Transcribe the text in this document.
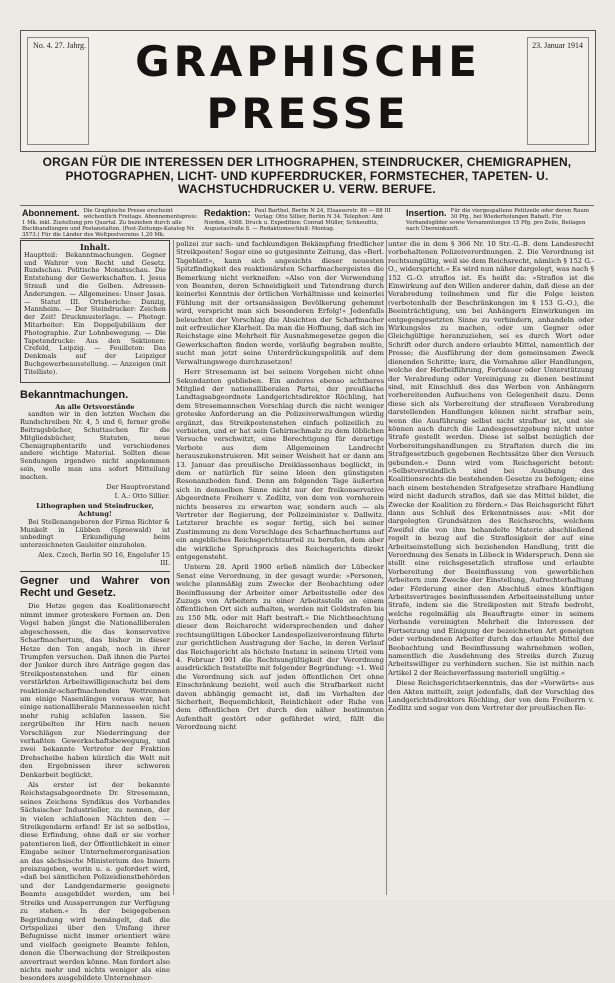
No. 4. 27. Jahrg.	23. Januar 1914
GRAPHISCHE
PRESSE
ORGAN FÜR DIE INTERESSEN DER LITHOGRAPHEN, STEINDRUCKER, CHEMIGRAPHEN, PHOTOGRAPHEN, LICHT- UND KUPFERDRUCKER, FORMSTECHER, TAPETEN- U. WACHSTUCHDRUCKER U. VERW. BERUFE.
Abonnement. Die Graphische Presse erscheint wöchentlich Freitags. Abonnementspreis: 1 Mk. inkl. Zustellung pro Quartal. Zu beziehen durch alle Buchhandlungen und Postanstalten. (Post-Zeitungs-Katalog Nr. 3573.) Für die Länder des Weltpostvereins 1,20 Mk.
Redaktion: Paul Barthel, Berlin N 24, Elsasserstr. 86 — 88 III Verlag: Otto Sillier, Berlin N 34. Telephon: Amt Norden, 4368. Druck u. Expedition: Conrad Müller, Schkeuditz, Augustastraße 8. — Redaktionsschluß: Montag.
Insertion. Für die viergespaltene Petitzeile oder deren Raum 30 Pfg., bei Wiederholungen Rabatt. Für Verbandsgilder sowie Versammlungen 15 Pfg. pro Zeile, Beilagen nach Übereinkunft.
Inhalt.

Hauptteil: Bekanntmachungen. Gegner und Wahrer von Recht und Gesetz. Rundschau. Politische Monatsschau. Die Entstehung der Gewerkschaften. I. Jesus Strauß und die Gelben. Adressen-Änderungen. — Allgemeines: Unser Jasas. — Statut III. Ortsberiche: Danzig, Mannheim. — Der Steindrucker: Zeichen der Zeit! Druckmusterlage. — Photogr. Mitarbeiter: Ein Doppeljubiläum der Photographie. Zur Lohnbewegung. — Die Tapetendrucke: Aus den Sektionen: Crefeld, Leipzig. — Feuilleton: Das Denkmals auf der Leipziger Buchgewerbeausstellung. — Anzeigen (mit Titelliste).

Bekanntmachungen.
An alle Ortsvorstände

sandten wir in den letzten Wochen die Rundschreiben Nr. 4, 5 und 6, ferner große Beitragsbücher, Schuttaschen für die Mitgliedsbücher, Statuten, neue Chemigraphentarife und verschiedenes andere wichtige Material. Sollten diese Sendungen irgendwo nicht angekommen sein, wolle man uns sofort Mitteilung machen.

Der Hauptvorstand

I. A.: Otto Sillier.

Lithographen und Steindrucker, Achtung!

Bei Stellenangeboren der Firma Richter & Munkelt in Lübben (Spreewald) ist unbedingt Erkundigung beim unterzeichneten Gauleiter einzuholen.

Alex. Czech, Berlin SO 16, Engelufer 15 III.

Gegner und Wahrer von Recht und Gesetz.

Die Hetze gegen das Koalitionsrecht nimmt immer groteskere Formen an. Den Vogel haben jüngst die Nationalliberalen abgeschossen, die das konservative Scharfmachertum, das bisher in dieser Hetze den Ton angab, noch in ihrer Trumpfen versuchen. Daß ihnen die Partei der Junker durch ihre Anträge gegen das Streikpostenstehen und für einen verstärkten Arbeitswilligenschutz bei dem reaktionär-scharfmachenden Wettrennen um einige Nasenlängen voraus war, hat einige nationalliberale Mannesseelen nicht mehr ruhig schlafen lassen. Sie zergrübelten ihr Hirn nach neuen Vorschlägen zur Niederringung der verhaßten Gewerkschaftsbewegung, und zwei bekannte Vertreter der Fraktion Drehscheibe haben kürzlich die Welt mit den Ergebnissen ihrer schweren Denkarbeit beglückt.

Als erster ist der bekannte Reichstagsabgeordnete Dr. Stresemann, seines Zeichens Syndikus des Verbandes Sächsischer Industrieller, zu nennen, der in vielen schlaflosen Nächten den — Streikgendarm erfand! Er ist so selbstlos, diese Erfindung, ohne daß er sie vorher patentieren ließ, der Öffentlichkeit in einer Eingabe seiner Unternehmerorganisation an das sächsische Ministerium des Innern preiszugeben, worin u. a. gefordert wird, »daß bei sämtlichen Polizeidienstbehörden und der Landgendarmerie geeignete Beamte ausgebildet werden, um bei Streiks und Aussperrungen zur Verfügung zu stehen.« In der beigegebenen Begründung wird bemängelt, daß die Ortspolizei über den Umfang ihrer Befugnisse nicht immer orientiert wäre und vielfach geeignete Beamte fehlen, denen die Überwachung der Streikposten anvertraut werden könne. Man fordert also nichts mehr und nichts weniger als eine besonders ausgebildete Unternehmer-

polizei zur sach- und fachkundigen Bekämpfung friedlicher Streikposten! Sogar eine so gutgesinnte Zeitung, das »Berl. Tageblatt«, kann sich angesichts dieser neuesten Spitzfindigkeit des reaktionärsten Scharfmachergeistes die Bemerkung nicht verkneifen: »Also von der Verwendung von Beamten, deren Schneidigkeit und Tatendrang durch keinerlei Kenntnis der örtlichen Verhältnisse und keinerlei Fühlung mit der ortsansässigen Bevölkerung gehemmt wird, verspricht man sich besonderen Erfolg!« Jedenfalls beleuchtet der Vorschlag die Absichten der Scharfmacher mit erfreulicher Klarheit. Da man die Hoffnung, daß sich im Reichstage eine Mehrheit für Ausnahmegesetze gegen die Gewerkschaften finden werde, vorläufig begraben mußte, sucht man jetzt seine Unterdrückungspolitik auf dem Verwaltungswege durchzusetzen!

Herr Stresemann ist bei seinem Vorgehen nicht ohne Sekundanten geblieben. Ein anderes ebenso achtbares Mitglied der nationalliberalen Partei, der preußische Landtagsabgeordnete Landgerichtsdirektor Röchling, hat dem Stresemannschen Vorschlag durch die nicht weniger groteske Anforderung an die Polizeiverwaltungen würdig ergänzt, das Streikpostenstehen einfach polizeilich zu verbieten, und er hat sein Gehirnschmalz zu dem löblichen Versuche verschwitzt, eine Berechtigung für derartige Verbote aus dem Allgemeinen Landrecht herauszukonstruieren. Mit seiner Weisheit hat er dann am 13. Januar das preußische Dreiklassenhaus beglückt, in dem er natürlich für seine Ideen den günstigsten Resonanzboden fand. Denn am folgenden Tage äußerten sich in demselben Sinne nicht nur der freikonservative Abgeordnete Freiherr v. Zedlitz, von dem von vornherein nichts besseres zu erwarten war, sondern auch — als Vertreter der Regierung, der Polizeiminister v. Dallwitz. Letzterer brachte es sogar fertig, sich bei seiner Zustimmung zu dem Vorschlage des Scharfmachertums auf ein angebliches Reichsgerichtsurteil zu berufen, dem aber die wirkliche Spruchpraxis des Reichsgerichts direkt entgegensteht.

Unterm 28. April 1900 erließ nämlich der Lübecker Senat eine Verordnung, in der gesagt wurde: »Personen, welche planmäßig zum Zwecke der Beobachtung oder Beeinflussung der Arbeiter einer Arbeitsstelle oder des Zuzugs von Arbeitern zu einer Arbeitsstelle an einem öffentlichen Ort sich aufhalten, werden mit Geldstrafen bis zu 150 Mk. oder mit Haft bestraft.« Die Nichtbeachtung dieser dem Reichsrecht widersprechenden und daher rechtsungültigen Lübecker Landespolizeiverordnung führte zur gerichtlichen Austragung der Sache, in deren Verlauf das Reichsgericht als höchste Instanz in seinem Urteil vom 4. Februar 1901 die Rechtsungültigkeit der Verordnung ausdrücklich feststellte mit folgender Begründung: »1. Weil die Verordnung sich auf jeden öffentlichen Ort ohne Einschränkung bezieht, weil auch die Strafbarkeit nicht davon abhängig gemacht ist, daß im Verhalten der Sicherheit, Bequemlichkeit, Reinlichkeit oder Ruhe von dem öffentlichen Ort durch den näher bestimmten Aufenthalt gestört oder gefährdet wird, fällt die Verordnung nicht

unter die in dem § 366 Nr. 10 Str.-G.-B. dem Landesrecht vorbehaltenen Polizeiverordnungen. 2. Die Verordnung ist rechtsungültig, weil sie dem Reichsrecht, nämlich § 152 G.-O., widerspricht.« Es wird nun näher dargelegt, was nach § 152 G.-O. straflos ist. Es heißt da: »Straflos ist die Einwirkung auf den Willen anderer dahin, daß diese an der Verabredung teilnehmen und für die Folge leisten (verbotenhalb der Beschränkungen im § 153 G.-O.), die Beeinträchtigung, um bei Anhängern Einwirkungen im entgegengesetzten Sinne zu verhindern, anhandeln oder Wirkungslos zu machen, oder um Gegner oder Gleichgültige heranzuziehen, sei es durch Wort oder Schrift oder durch andere erlaubte Mittel, namentlich der Presse; die Ausführung der dem gemeinsamen Zweck dienenden Schritte; kurz, die Vornahme aller Handlungen, welche der Herbeiführung, Fortdauer oder Unterstützung der Verabredung oder Vereinigung zu dienen bestimmt sind, mit Einschluß des das Werben von Anhängern vorbereitenden Aufsuchens von Gelegenheit dazu. Denn diese sich als Vorbereitung der straflosen Verabredung darstellenden Handlungen können nicht strafbar sein, wenn die Ausführung selbst nicht strafbar ist, und sie können auch durch die Landesgesetzgebung nicht unter Strafe gestellt werden. Diese ist selbst bezüglich der Vorbereitungshandlungen zu Straftaten durch die im Strafgesetzbuch gegebenen Rechtssätze über den Versuch gebunden.« Dann wird vom Reichsgericht betont: »Selbstverständlich sind bei Ausübung des Koalitionsrechts die bestehenden Gesetze zu befolgen; eine nach einem bestehenden Strafgesetze strafbare Handlung wird nicht dadurch straflos, daß sie das Mittel bildet, die Zwecke der Koalition zu fördern.« Das Reichsgericht führt dann aus Schluß des Erkenntnisses aus: »Mit der dargelegten Grundsätzen des Reichsrechts, welchem Zweifel die von ihm behandelte Materie abschließend regelt in bezug auf die Straflosigkeit der auf eine Arbeitseinstellung sich beziehenden Handlung, tritt die Verordnung des Senats in Lübeck in Widerspruch. Denn sie stellt eine reichsgesetzlich straflose und erlaubte Vorbereitung der Beeinflussung von gewerblichen Arbeitern zum Zwecke der Einstellung, Aufrechterhaltung oder Förderung einer den Abschluß eines künftigen Arbeitsvertrages beeinflussenden Arbeitseinstellung unter Strafe, indem sie die Streikposten mit Strafe bedroht, welche regelmäßig als Beauftragte einer in seinem Verbande vereinigten Mehrheit die Interessen der Fortsetzung und Einigung der bezeichneten Art geneigten oder verbundenen Arbeiter durch das erlaubte Mittel der Beobachtung und Beeinflussung wahrnehmen wollen, namentlich die Ausdehnung des Streiks durch Zuzug Arbeitswilliger zu verhindern suchen. Sie ist mithin nach Artikel 2 der Reichsverfassung materiell ungültig.«

Diese Reichsgerichtserkenntnis, das der »Vorwärts« aus den Akten mitteilt, zeigt jedenfalls, daß der Vorschlag des Landgerichtsdirektors Röchling, der von dem Freiherrn v. Zedlitz und sogar von dem Vertreter der preußischen Re-
